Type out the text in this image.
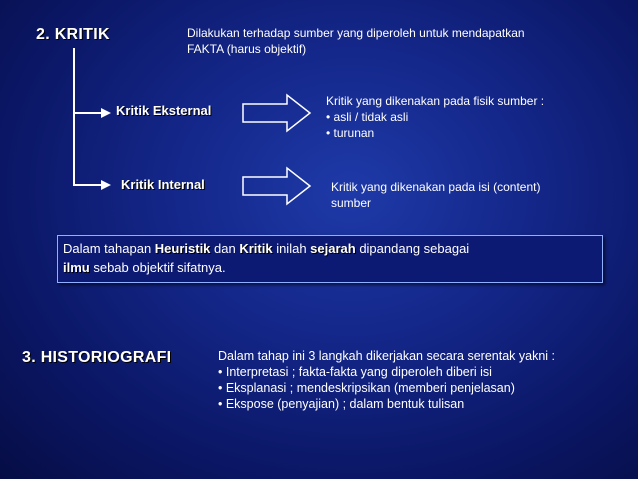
2. KRITIK	Dilakukan terhadap sumber yang diperoleh untuk mendapatkan
FAKTA (harus objektif)
Kritik Eksternal
Kritik yang dikenakan pada fisik sumber :
• asli / tidak asli
• turunan
Kritik Internal	Kritik yang dikenakan pada isi (content)
sumber
Dalam tahapan Heuristik dan Kritik inilah sejarah dipandang sebagai
ilmu sebab objektif sifatnya.
3. HISTORIOGRAFI	Dalam tahap ini 3 langkah dikerjakan secara serentak yakni :
• Interpretasi ; fakta-fakta yang diperoleh diberi isi
• Eksplanasi ; mendeskripsikan (memberi penjelasan)
• Ekspose (penyajian) ; dalam bentuk tulisan
